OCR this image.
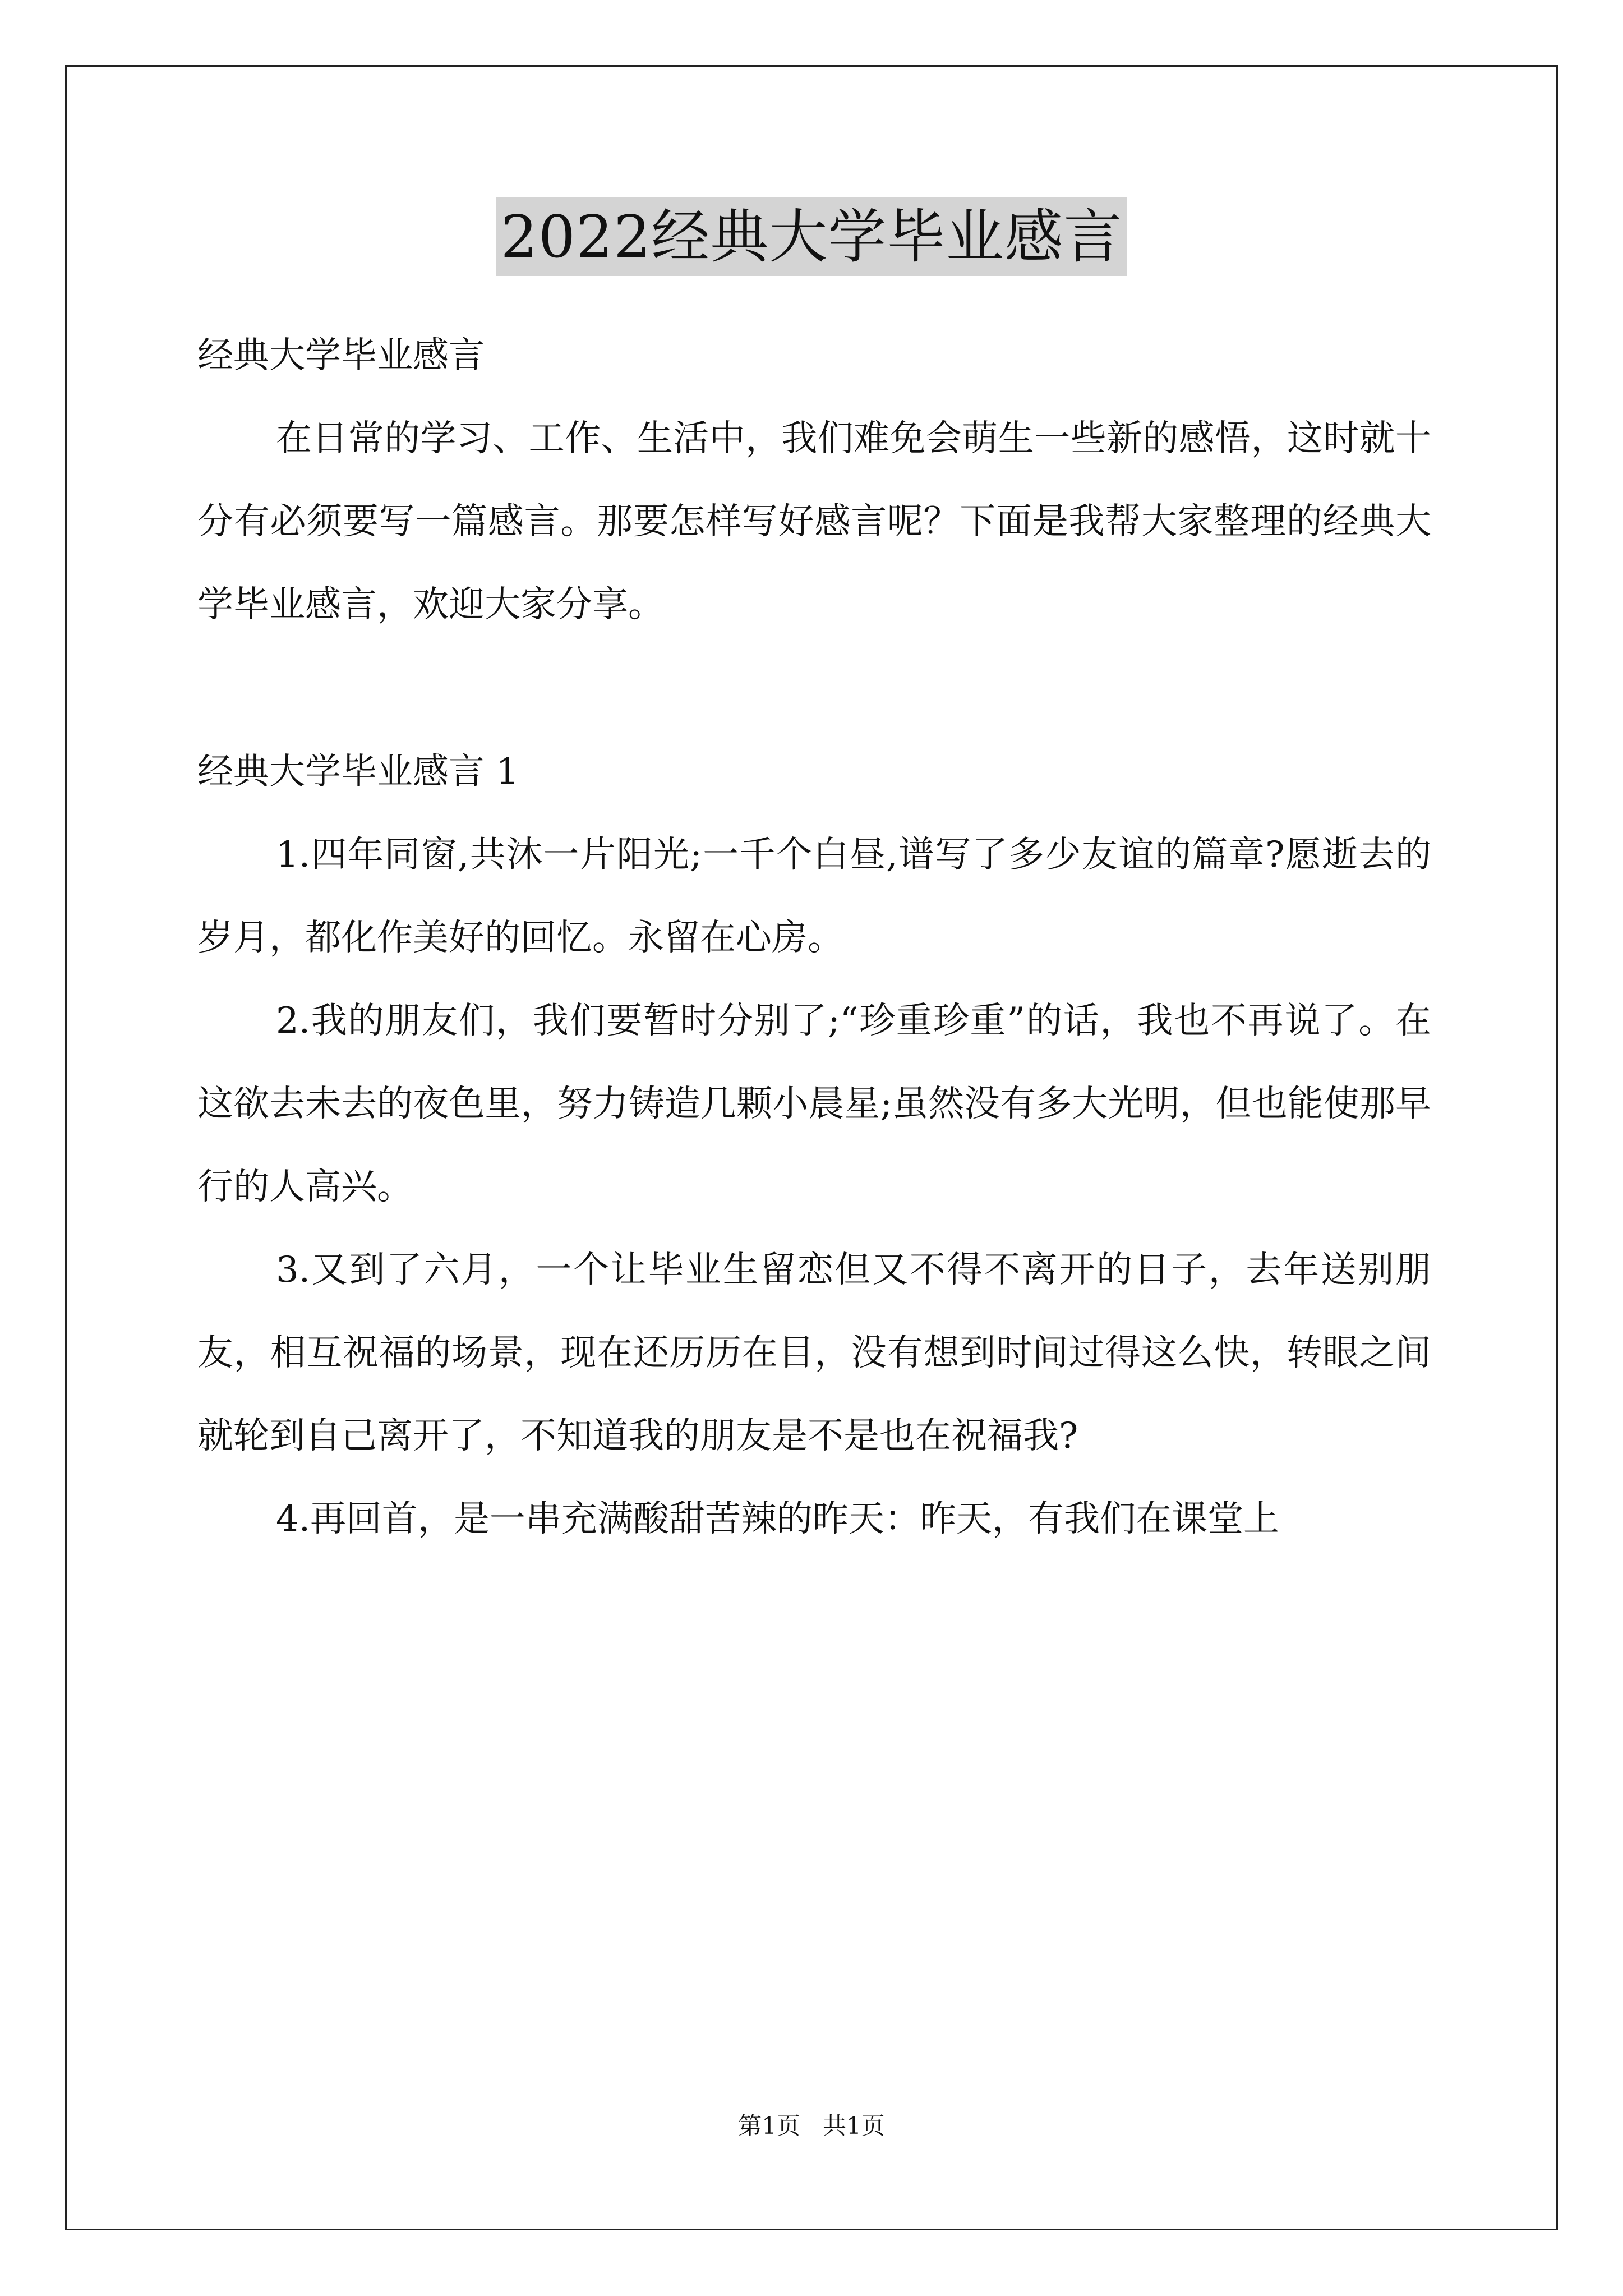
2022经典大学毕业感言

经典大学毕业感言

在日常的学习、工作、生活中，我们难免会萌生一些新的感悟，这时就十分有必须要写一篇感言。那要怎样写好感言呢？下面是我帮大家整理的经典大学毕业感言，欢迎大家分享。

经典大学毕业感言 1

1.四年同窗,共沐一片阳光;一千个白昼,谱写了多少友谊的篇章?愿逝去的岁月，都化作美好的回忆。永留在心房。

2.我的朋友们，我们要暂时分别了;“珍重珍重”的话，我也不再说了。在这欲去未去的夜色里，努力铸造几颗小晨星;虽然没有多大光明，但也能使那早行的人高兴。

3.又到了六月，一个让毕业生留恋但又不得不离开的日子，去年送别朋友，相互祝福的场景，现在还历历在目，没有想到时间过得这么快，转眼之间就轮到自己离开了，不知道我的朋友是不是也在祝福我?

4.再回首，是一串充满酸甜苦辣的昨天：昨天，有我们在课堂上

第1页 共1页
